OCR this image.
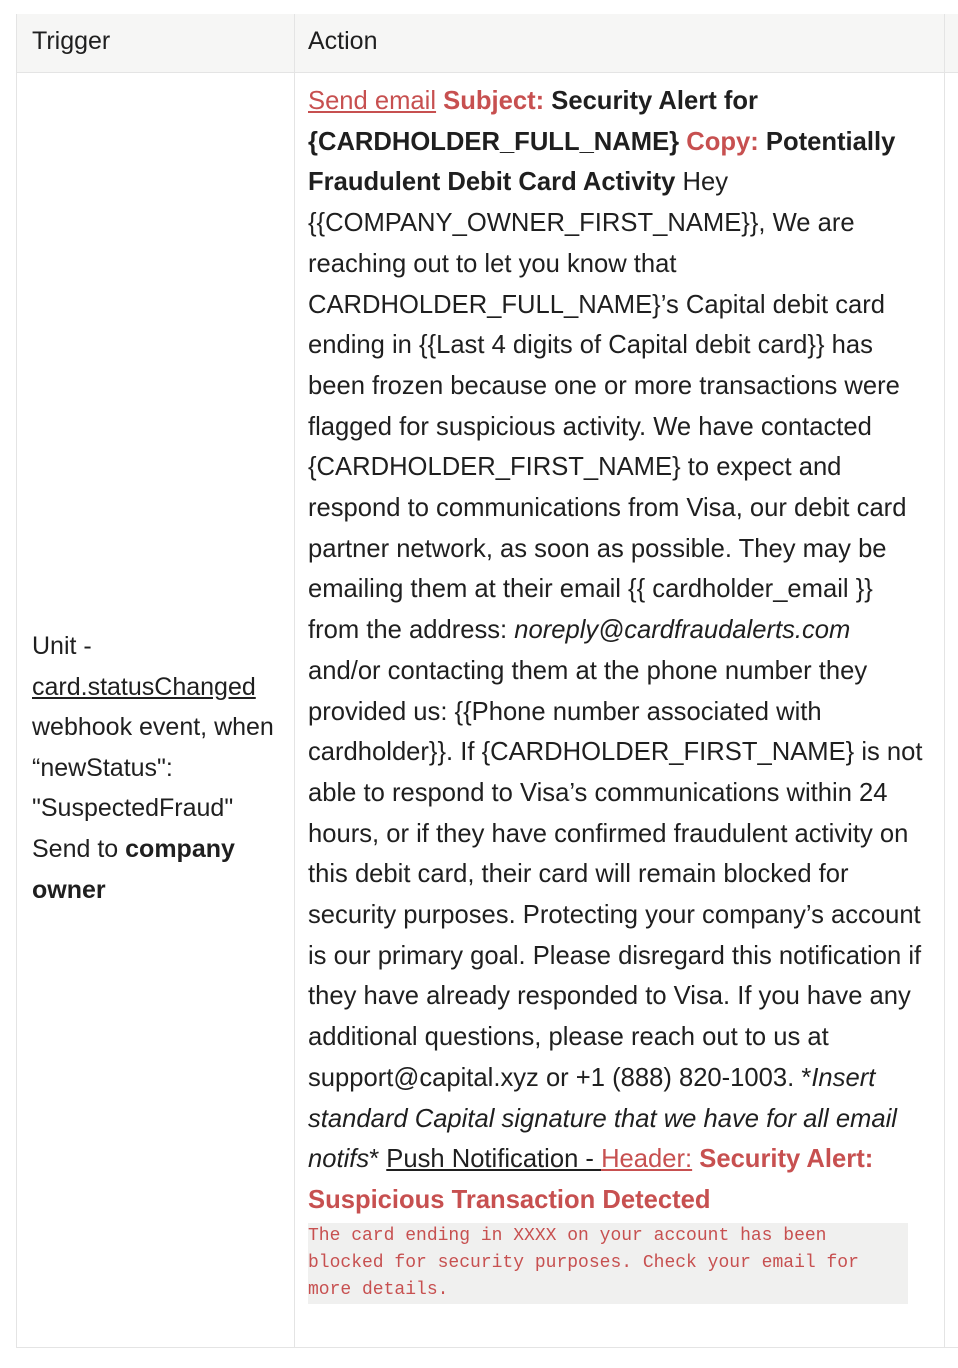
Trigger	Action
Unit - card.statusChanged webhook event, when “newStatus": "SuspectedFraud" Send to company owner
Send email Subject: Security Alert for {CARDHOLDER_FULL_NAME} Copy: Potentially Fraudulent Debit Card Activity Hey {{COMPANY_OWNER_FIRST_NAME}}, We are reaching out to let you know that CARDHOLDER_FULL_NAME}’s Capital debit card ending in {{Last 4 digits of Capital debit card}} has been frozen because one or more transactions were flagged for suspicious activity. We have contacted {CARDHOLDER_FIRST_NAME} to expect and respond to communications from Visa, our debit card partner network, as soon as possible. They may be emailing them at their email {{ cardholder_email }} from the address: noreply@cardfraudalerts.com and/or contacting them at the phone number they provided us: {{Phone number associated with cardholder}}. If {CARDHOLDER_FIRST_NAME} is not able to respond to Visa’s communications within 24 hours, or if they have confirmed fraudulent activity on this debit card, their card will remain blocked for security purposes. Protecting your company’s account is our primary goal. Please disregard this notification if they have already responded to Visa. If you have any additional questions, please reach out to us at support@capital.xyz or +1 (888) 820-1003. *Insert standard Capital signature that we have for all email notifs* Push Notification - Header: Security Alert: Suspicious Transaction Detected
The card ending in XXXX on your account has been blocked for security purposes. Check your email for more details.
